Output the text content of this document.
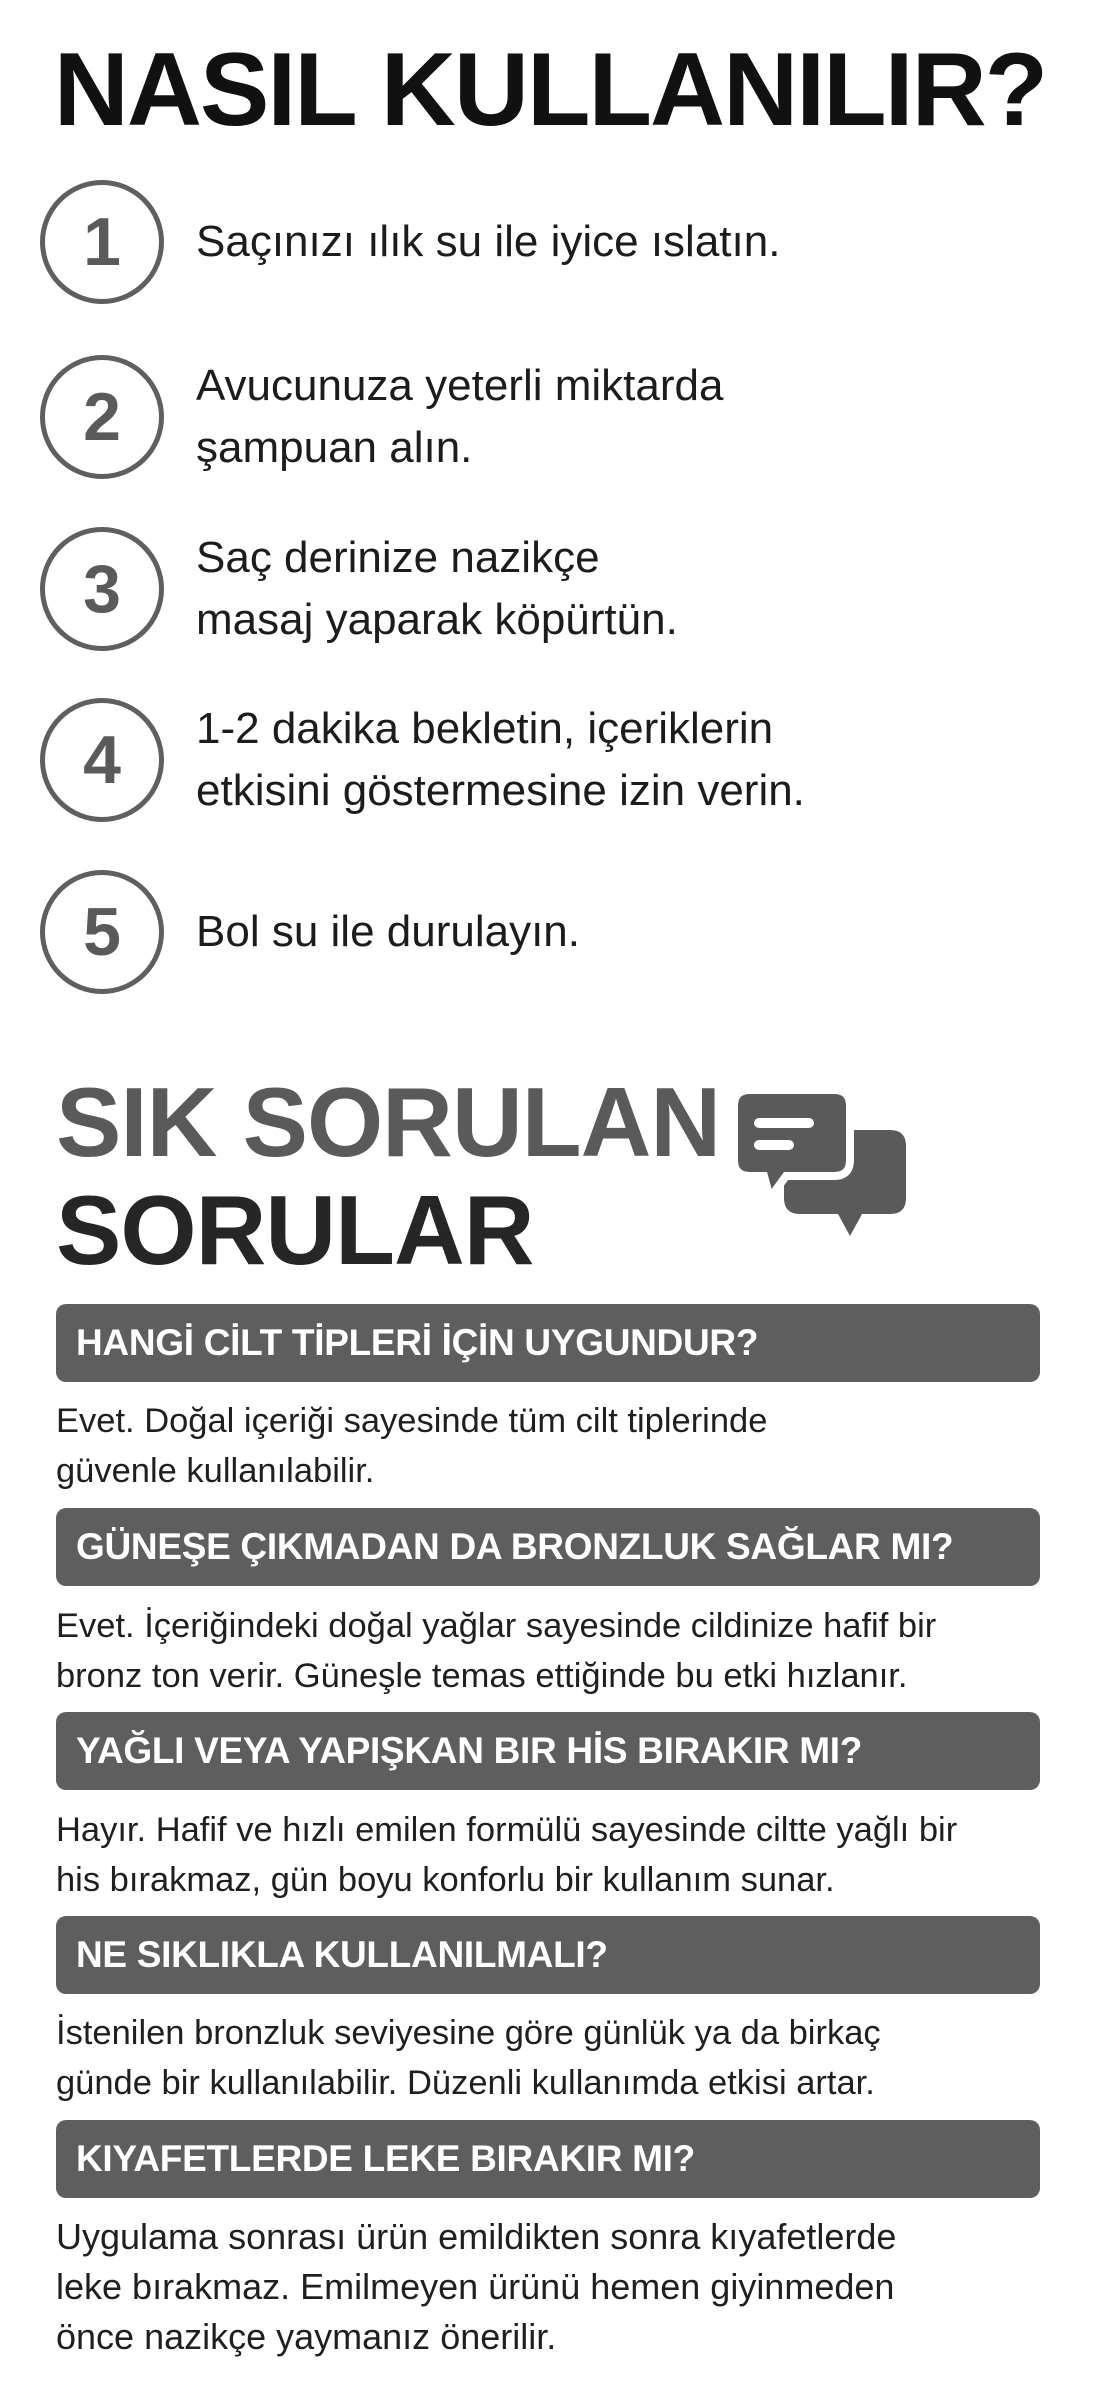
NASIL KULLANILIR?
1	Saçınızı ılık su ile iyice ıslatın.
2	Avucunuza yeterli miktarda
şampuan alın.
3	Saç derinize nazikçe
masaj yaparak köpürtün.
4	1-2 dakika bekletin, içeriklerin
etkisini göstermesine izin verin.
5	Bol su ile durulayın.
SIK SORULAN
SORULAR
HANGİ CİLT TİPLERİ İÇİN UYGUNDUR?
Evet. Doğal içeriği sayesinde tüm cilt tiplerinde
güvenle kullanılabilir.
GÜNEŞE ÇIKMADAN DA BRONZLUK SAĞLAR MI?
Evet. İçeriğindeki doğal yağlar sayesinde cildinize hafif bir
bronz ton verir. Güneşle temas ettiğinde bu etki hızlanır.
YAĞLI VEYA YAPIŞKAN BIR HİS BIRAKIR MI?
Hayır. Hafif ve hızlı emilen formülü sayesinde ciltte yağlı bir
his bırakmaz, gün boyu konforlu bir kullanım sunar.
NE SIKLIKLA KULLANILMALI?
İstenilen bronzluk seviyesine göre günlük ya da birkaç
günde bir kullanılabilir. Düzenli kullanımda etkisi artar.
KIYAFETLERDE LEKE BIRAKIR MI?
Uygulama sonrası ürün emildikten sonra kıyafetlerde
leke bırakmaz. Emilmeyen ürünü hemen giyinmeden
önce nazikçe yaymanız önerilir.
